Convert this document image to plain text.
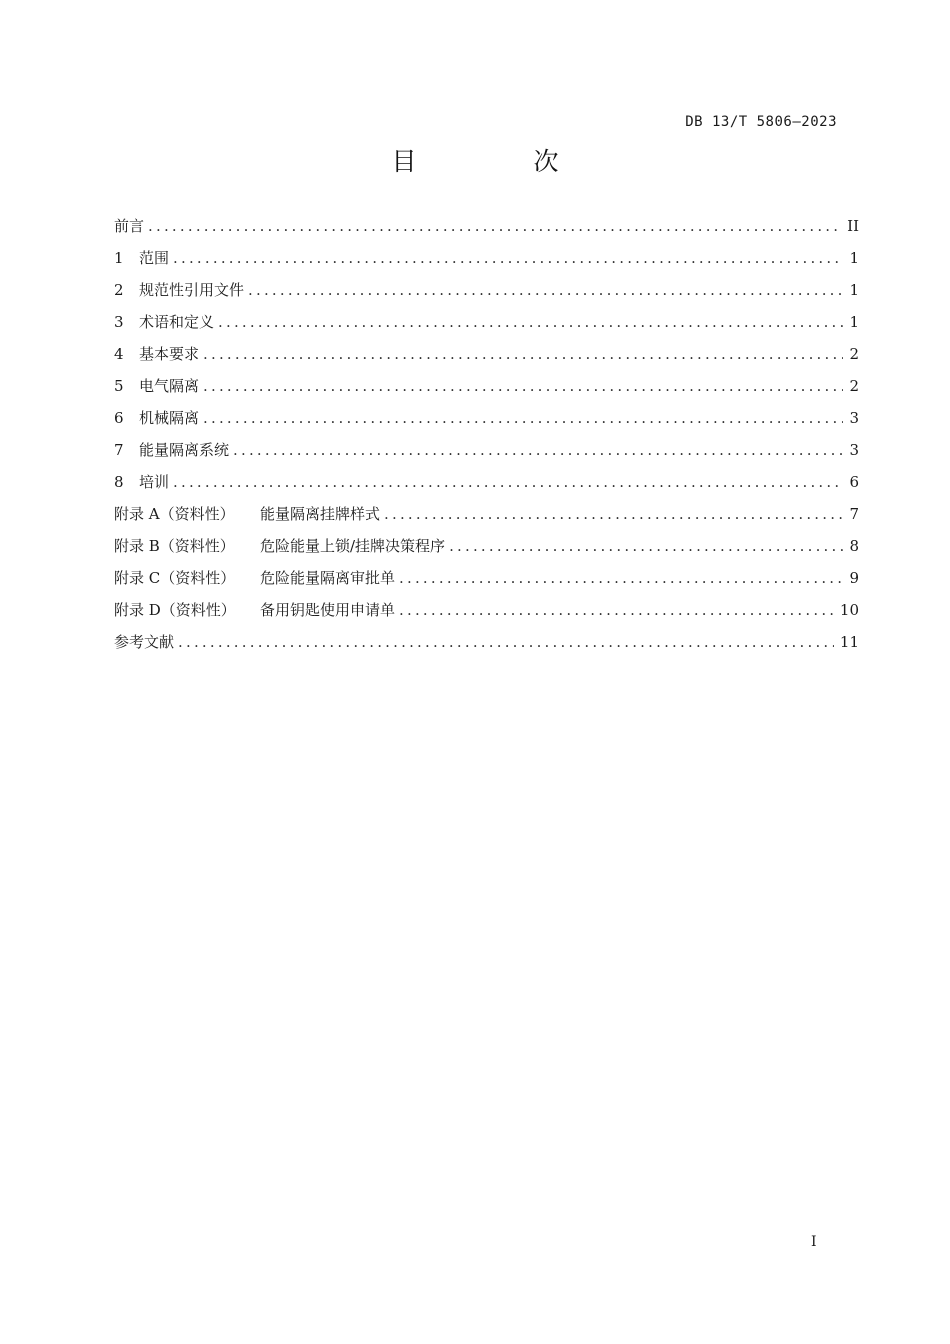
DB 13/T 5806—2023
目　次
前言 .....	II
1	范围 .....	1
2	规范性引用文件 .....	1
3	术语和定义 .....	1
4	基本要求 .....	2
5	电气隔离 .....	2
6	机械隔离 .....	3
7	能量隔离系统 .....	3
8	培训 .....	6
附录 A（资料性）	能量隔离挂牌样式 .....	7
附录 B（资料性）	危险能量上锁/挂牌决策程序 .....	8
附录 C（资料性）	危险能量隔离审批单 .....	9
附录 D（资料性）	备用钥匙使用申请单 .....	10
参考文献 .....	11
I
